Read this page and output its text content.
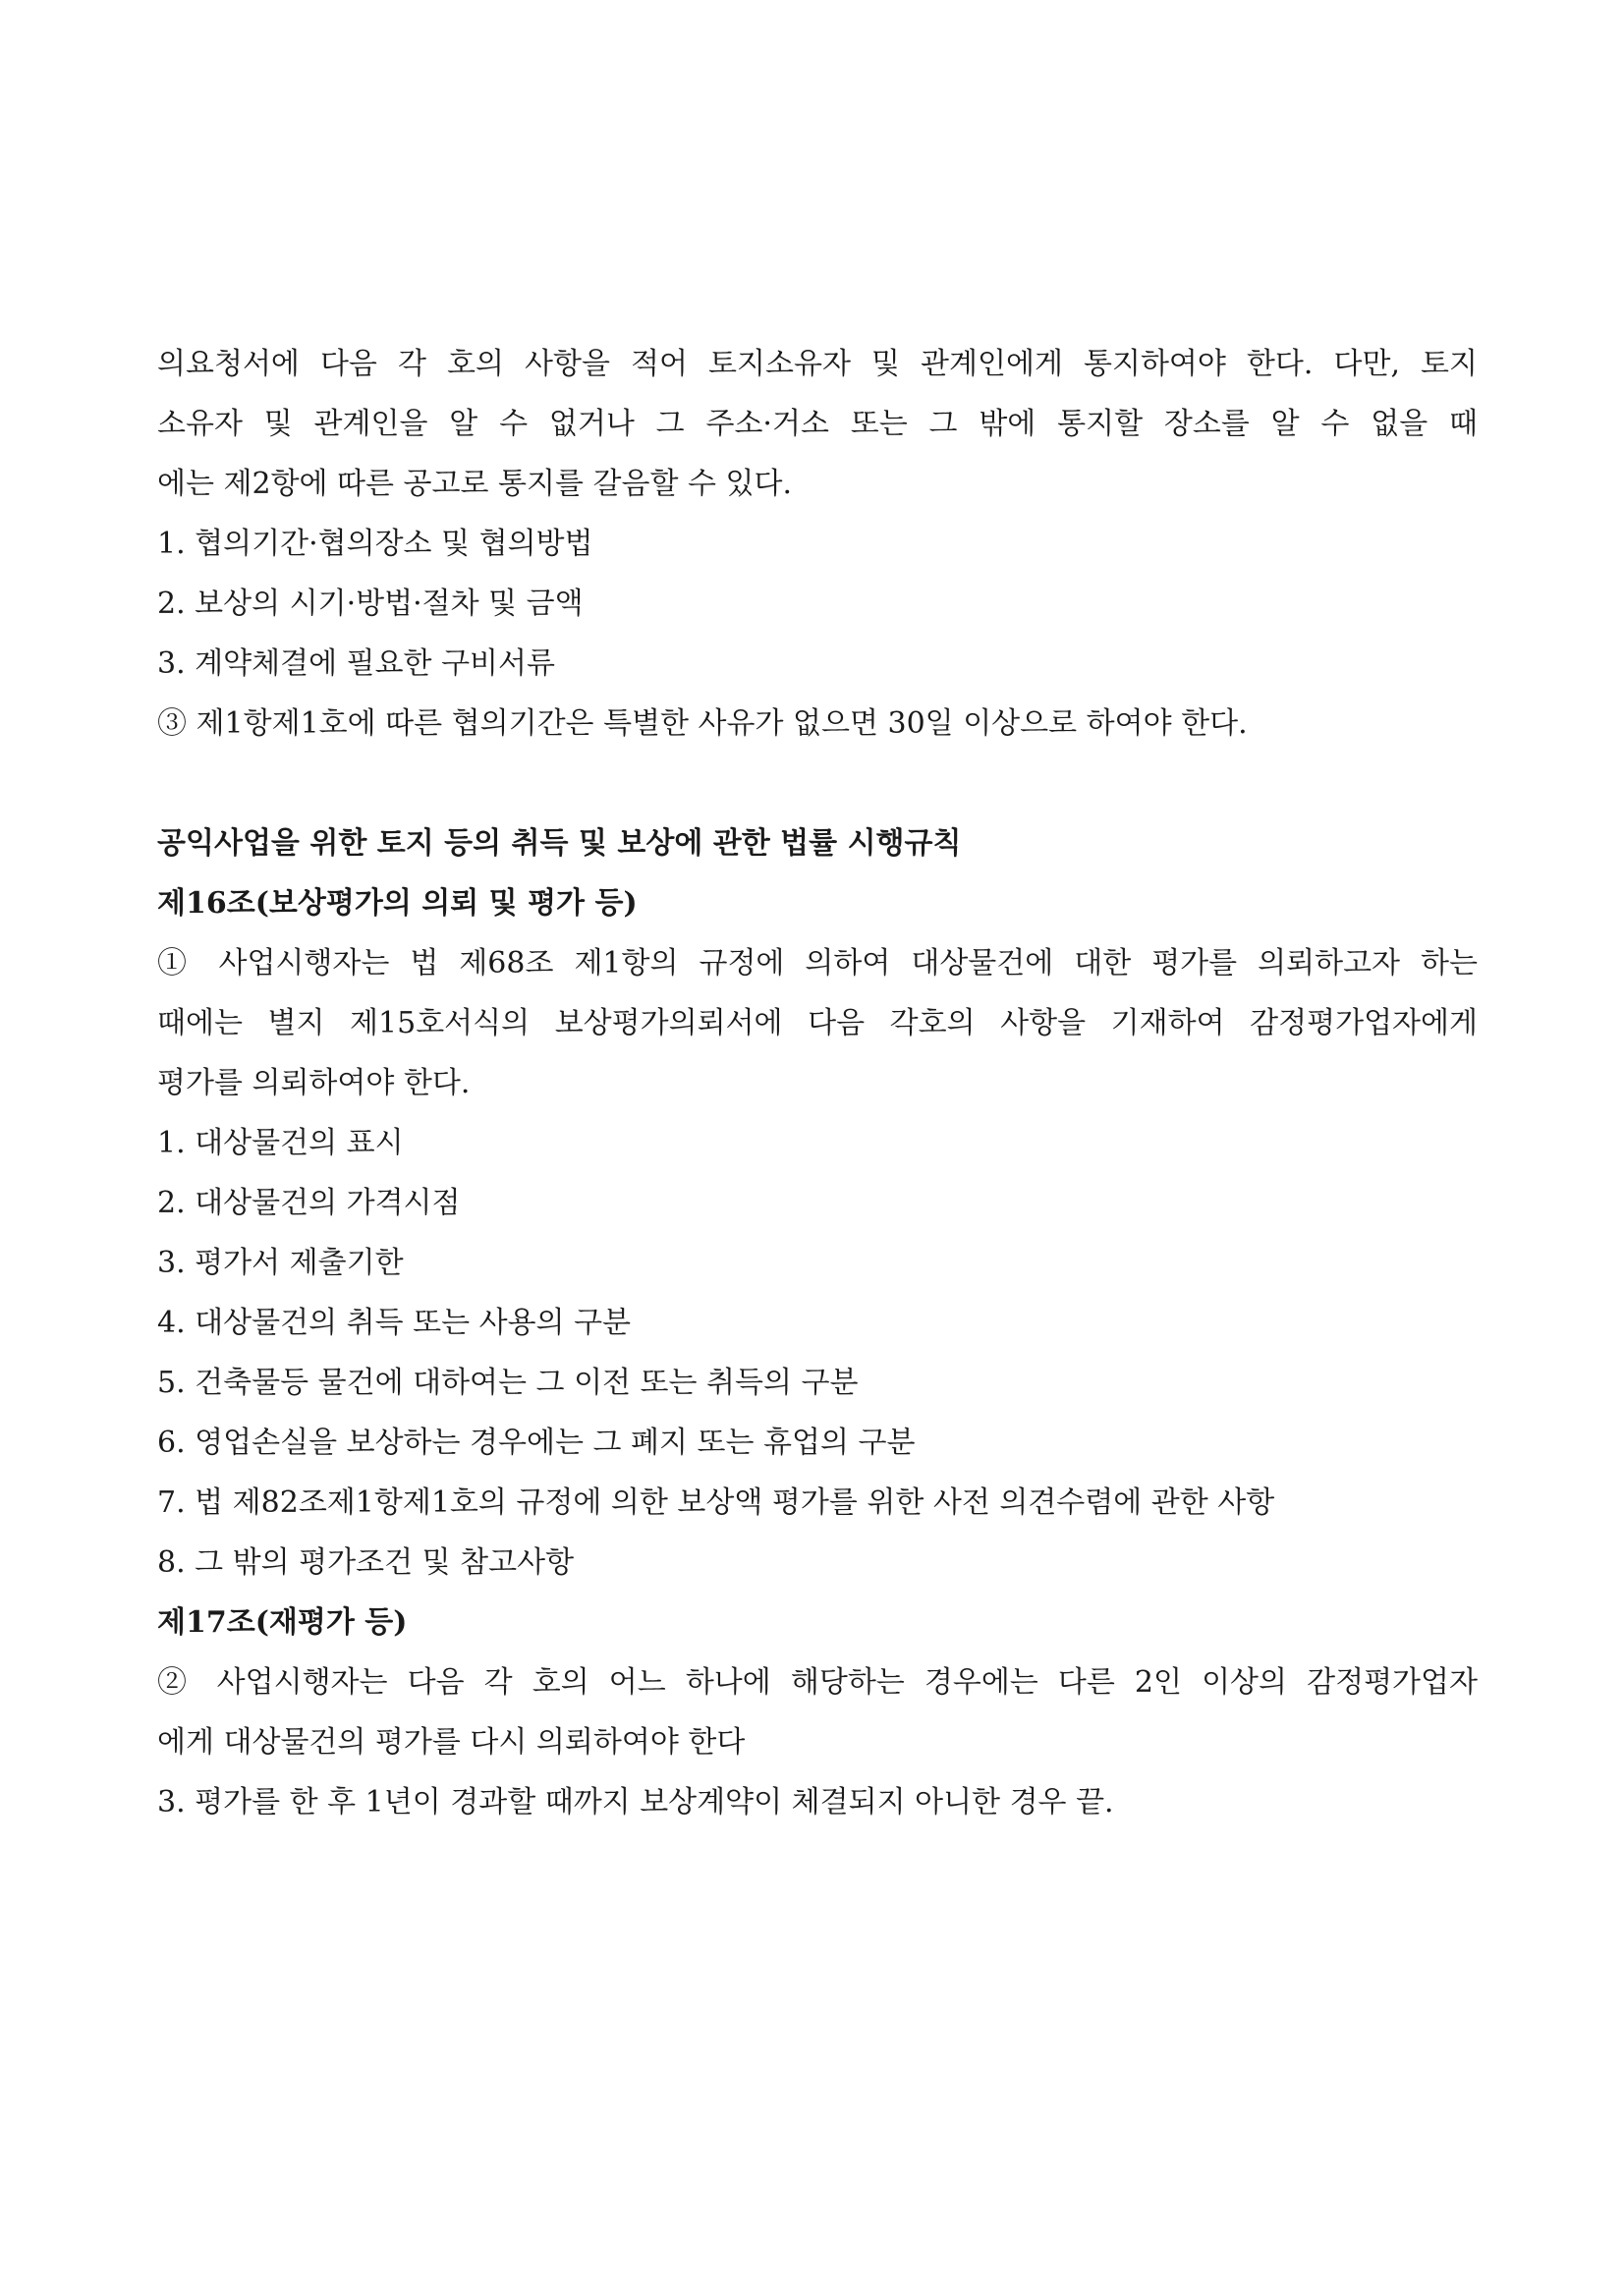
의요청서에 다음 각 호의 사항을 적어 토지소유자 및 관계인에게 통지하여야 한다. 다만, 토지

소유자 및 관계인을 알 수 없거나 그 주소·거소 또는 그 밖에 통지할 장소를 알 수 없을 때

에는 제2항에 따른 공고로 통지를 갈음할 수 있다.

1. 협의기간·협의장소 및 협의방법

2. 보상의 시기·방법·절차 및 금액

3. 계약체결에 필요한 구비서류

③ 제1항제1호에 따른 협의기간은 특별한 사유가 없으면 30일 이상으로 하여야 한다.

공익사업을 위한 토지 등의 취득 및 보상에 관한 법률 시행규칙

제16조(보상평가의 의뢰 및 평가 등)

① 사업시행자는 법 제68조 제1항의 규정에 의하여 대상물건에 대한 평가를 의뢰하고자 하는

때에는 별지 제15호서식의 보상평가의뢰서에 다음 각호의 사항을 기재하여 감정평가업자에게

평가를 의뢰하여야 한다.

1. 대상물건의 표시

2. 대상물건의 가격시점

3. 평가서 제출기한

4. 대상물건의 취득 또는 사용의 구분

5. 건축물등 물건에 대하여는 그 이전 또는 취득의 구분

6. 영업손실을 보상하는 경우에는 그 폐지 또는 휴업의 구분

7. 법 제82조제1항제1호의 규정에 의한 보상액 평가를 위한 사전 의견수렴에 관한 사항

8. 그 밖의 평가조건 및 참고사항

제17조(재평가 등)

② 사업시행자는 다음 각 호의 어느 하나에 해당하는 경우에는 다른 2인 이상의 감정평가업자

에게 대상물건의 평가를 다시 의뢰하여야 한다

3. 평가를 한 후 1년이 경과할 때까지 보상계약이 체결되지 아니한 경우 끝.
